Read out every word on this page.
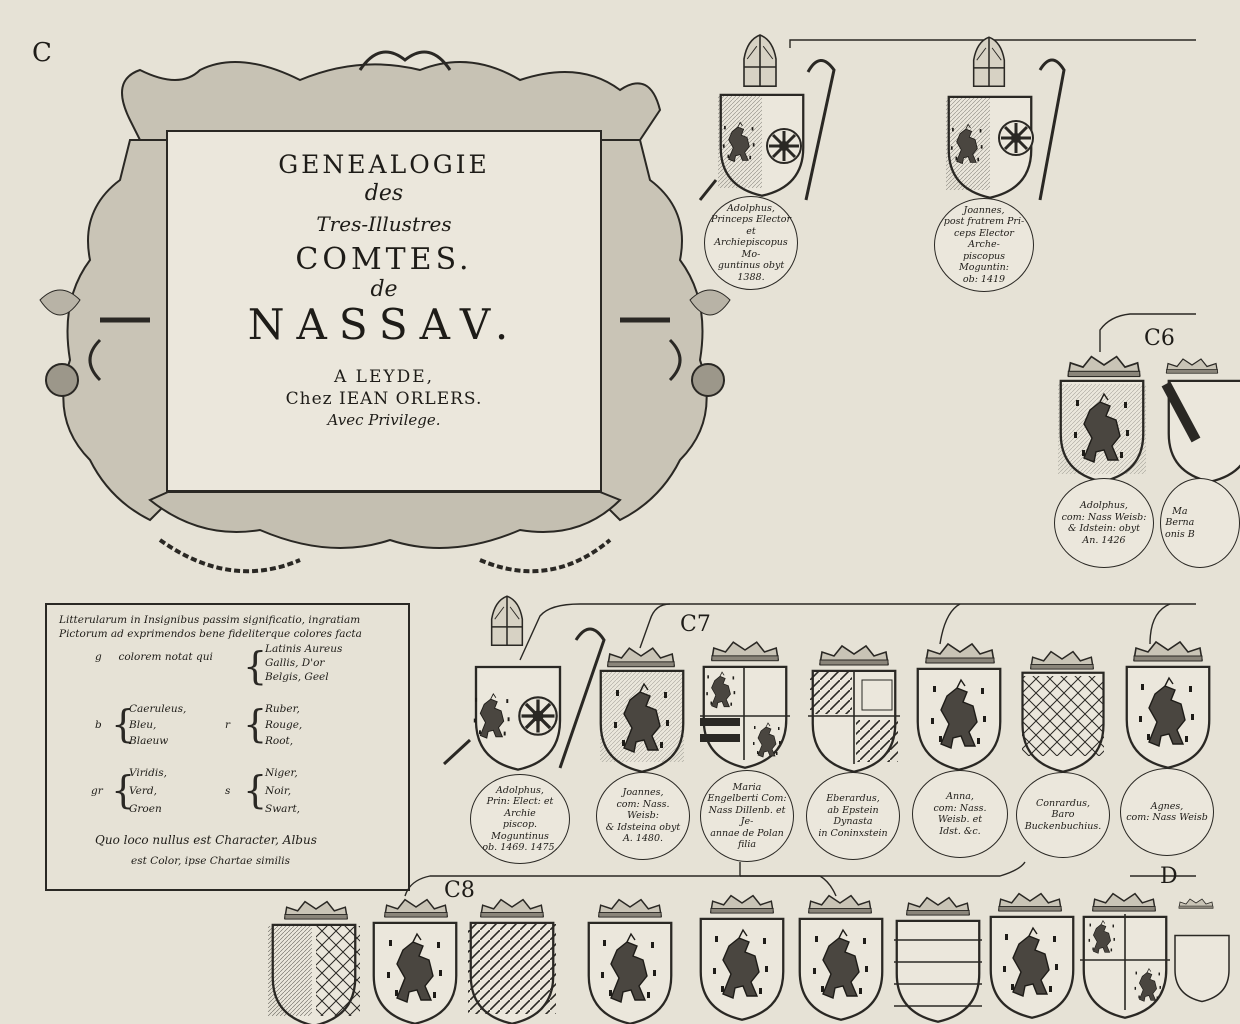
C
GENEALOGIE
des
Tres-Illustres
COMTES.
de
NASSAV.
A LEYDE,
Chez IEAN ORLERS.
Avec Privilege.
Litterularum in Insignibus passim significatio, ingratiam Pictorum ad exprimendos bene fideliterque colores facta
g colorem notat qui {
Latinis Aureus
Gallis, D'or
Belgis, Geel
b {
Caeruleus,
Bleu,
Blaeuw
r {
Ruber,
Rouge,
Root,
gr {
Viridis,
Verd,
Groen
s {
Niger,
Noir,
Swart,
Quo loco nullus est Character, Albus
est Color, ipse Chartae similis
C6
C7
C8
D
Adolphus,
Princeps Elector et
Archiepiscopus Mo-
guntinus obyt
1388.
Joannes,
post fratrem Pri-
ceps Elector Arche-
piscopus Moguntin:
ob: 1419
Adolphus,
com: Nass Weisb:
& Idstein: obyt
An. 1426
Ma
Berna
onis B
Adolphus,
Prin: Elect: et Archie
piscop. Moguntinus
ob. 1469. 1475.
Joannes,
com: Nass. Weisb:
& Idsteina obyt
A. 1480.
Maria
Engelberti Com:
Nass Dillenb. et Je-
annae de Polan
filia
Eberardus,
ab Epstein Dynasta
in Coninxstein
Anna,
com: Nass. Weisb. et
Idst. &c.
Conrardus,
Baro Buckenbuchius.
Agnes,
com: Nass Weisb
